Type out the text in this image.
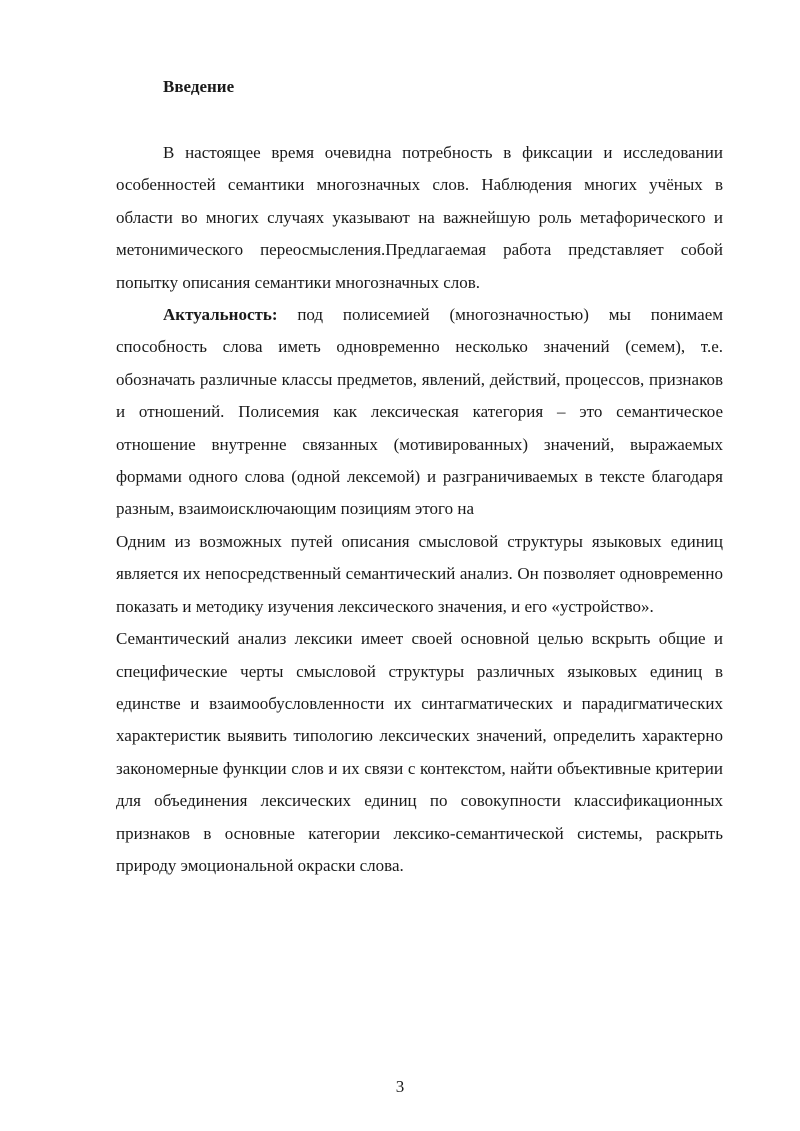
Введение

В настоящее время очевидна потребность в фиксации и исследовании особенностей семантики многозначных слов. Наблюдения многих учёных в области во многих случаях указывают на важнейшую роль метафорического и метонимического переосмысления.Предлагаемая работа представляет собой попытку описания семантики многозначных слов.

Актуальность: под полисемией (многозначностью) мы понимаем способность слова иметь одновременно несколько значений (семем), т.е. обозначать различные классы предметов, явлений, действий, процессов, признаков и отношений. Полисемия как лексическая категория – это семантическое отношение внутренне связанных (мотивированных) значений, выражаемых формами одного слова (одной лексемой) и разграничиваемых в тексте благодаря разным, взаимоисключающим позициям этого на

Одним из возможных путей описания смысловой структуры языковых единиц является их непосредственный семантический анализ. Он позволяет одновременно показать и методику изучения лексического значения, и его «устройство».

Семантический анализ лексики имеет своей основной целью вскрыть общие и специфические черты смысловой структуры различных языковых единиц в единстве и взаимообусловленности их синтагматических и парадигматических характеристик выявить типологию лексических значений, определить характерно закономерные функции слов и их связи с контекстом, найти объективные критерии для объединения лексических единиц по совокупности классификационных признаков в основные категории лексико-семантической системы, раскрыть природу эмоциональной окраски слова.

3
